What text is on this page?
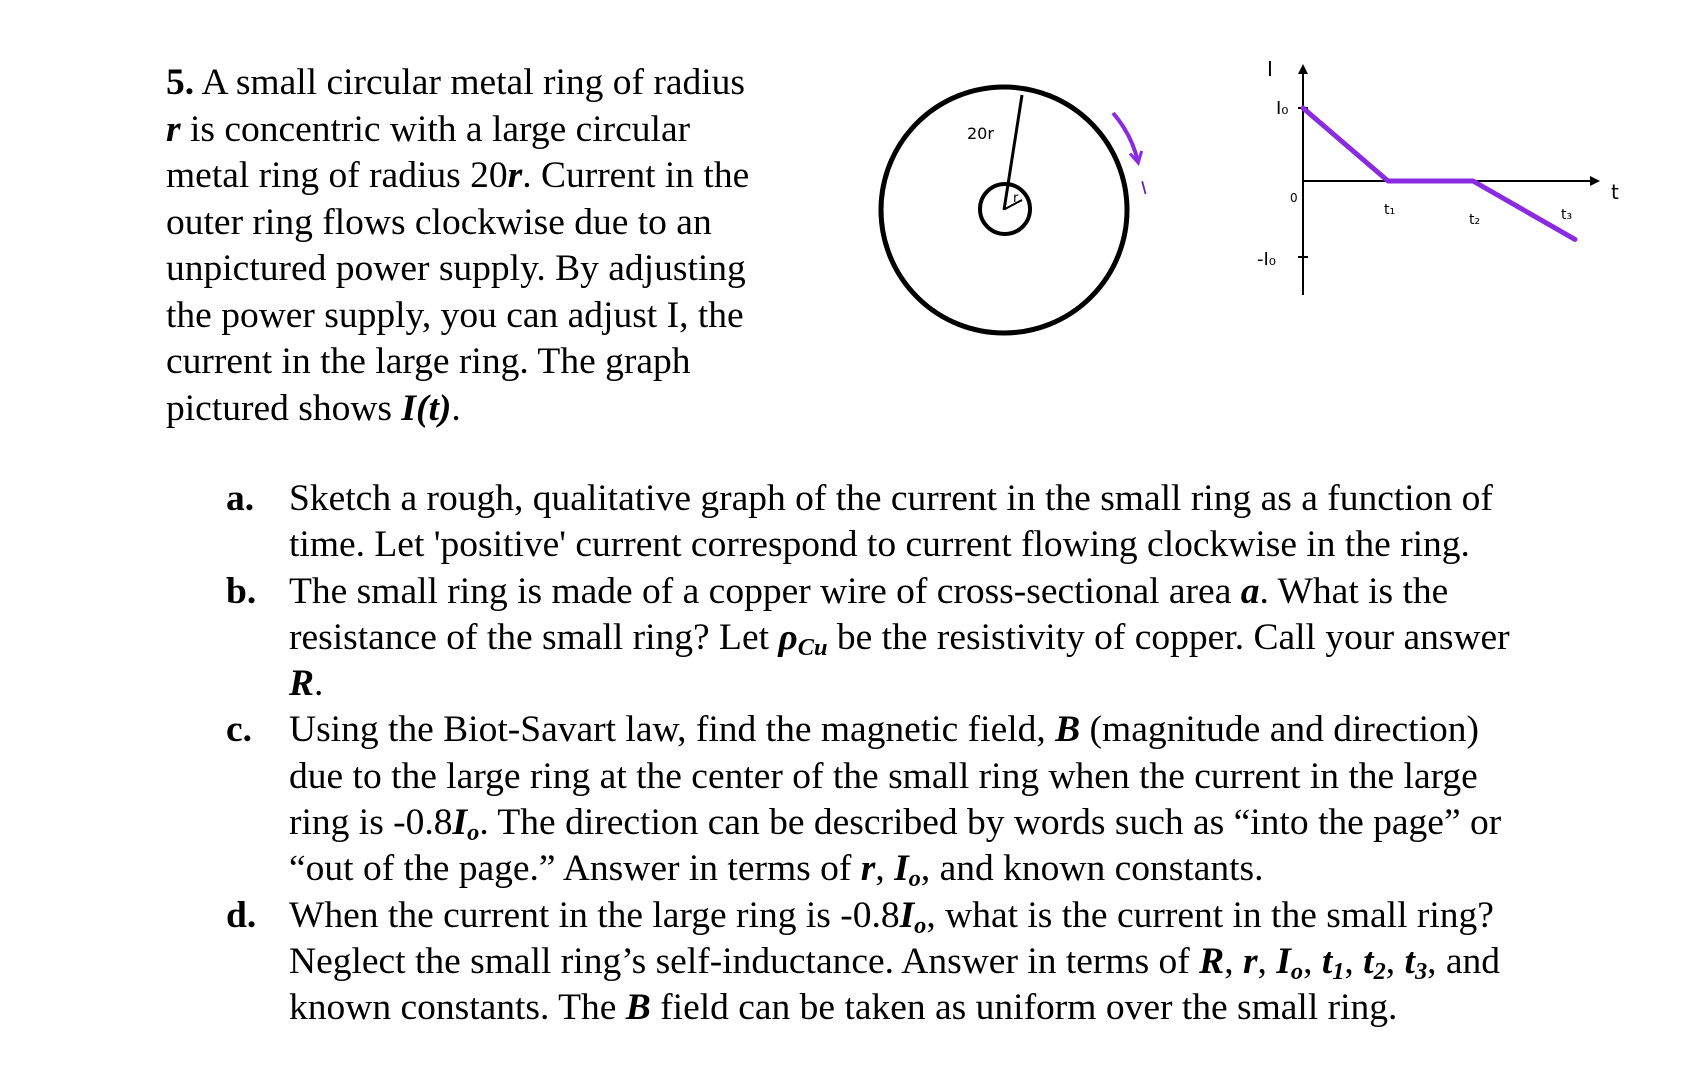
5. A small circular metal ring of radius
r is concentric with a large circular
metal ring of radius 20r. Current in the
outer ring flows clockwise due to an
unpictured power supply. By adjusting
the power supply, you can adjust I, the
current in the large ring. The graph
pictured shows I(t).
20r
r	I
I
t
0
I₀
-I₀
t₁
t₂	t₃
a. Sketch a rough, qualitative graph of the current in the small ring as a function of
time. Let 'positive' current correspond to current flowing clockwise in the ring.
b. The small ring is made of a copper wire of cross-sectional area a. What is the
resistance of the small ring? Let $\rho_{Cu}$ be the resistivity of copper. Call your answer
R.
c. Using the Biot-Savart law, find the magnetic field, B (magnitude and direction)
due to the large ring at the center of the small ring when the current in the large
ring is $-0.8I_o$. The direction can be described by words such as “into the page” or
“out of the page.” Answer in terms of r, $I_o$, and known constants.
d. When the current in the large ring is $-0.8I_o$, what is the current in the small ring?
Neglect the small ring’s self-inductance. Answer in terms of R, r, $I_o$, $t_1$, $t_2$, $t_3$, and
known constants. The B field can be taken as uniform over the small ring.
